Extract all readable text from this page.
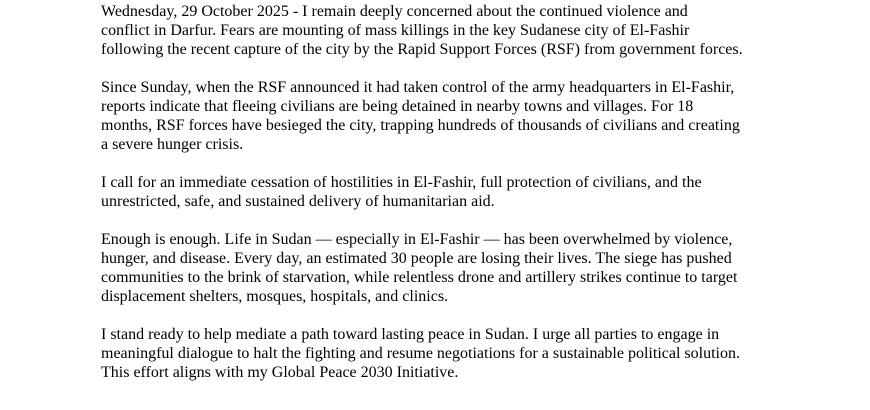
Wednesday, 29 October 2025 - I remain deeply concerned about the continued violence and
conflict in Darfur. Fears are mounting of mass killings in the key Sudanese city of El-Fashir
following the recent capture of the city by the Rapid Support Forces (RSF) from government forces.

Since Sunday, when the RSF announced it had taken control of the army headquarters in El-Fashir,
reports indicate that fleeing civilians are being detained in nearby towns and villages. For 18
months, RSF forces have besieged the city, trapping hundreds of thousands of civilians and creating
a severe hunger crisis.

I call for an immediate cessation of hostilities in El-Fashir, full protection of civilians, and the
unrestricted, safe, and sustained delivery of humanitarian aid.

Enough is enough. Life in Sudan — especially in El-Fashir — has been overwhelmed by violence,
hunger, and disease. Every day, an estimated 30 people are losing their lives. The siege has pushed
communities to the brink of starvation, while relentless drone and artillery strikes continue to target
displacement shelters, mosques, hospitals, and clinics.

I stand ready to help mediate a path toward lasting peace in Sudan. I urge all parties to engage in
meaningful dialogue to halt the fighting and resume negotiations for a sustainable political solution.
This effort aligns with my Global Peace 2030 Initiative.
